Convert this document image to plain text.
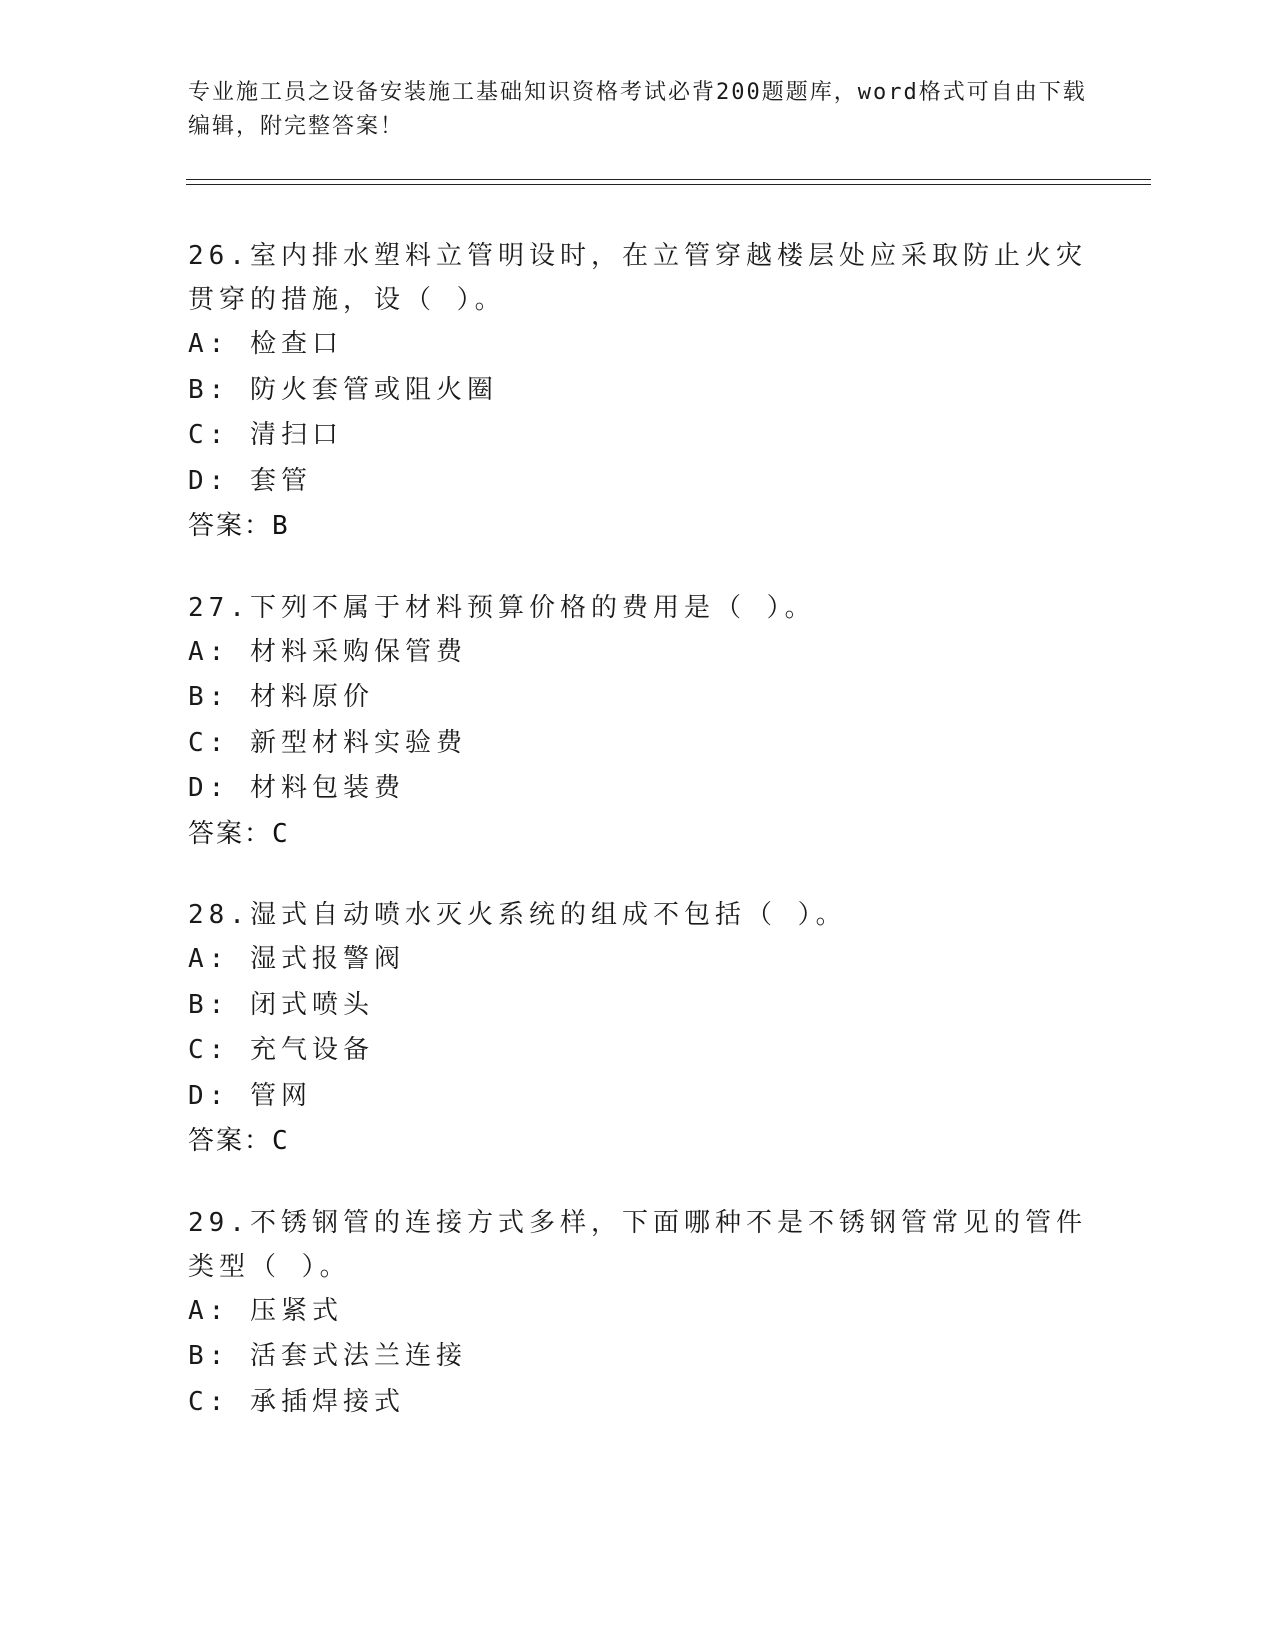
专业施工员之设备安装施工基础知识资格考试必背200题题库，word格式可自由下载编辑，附完整答案！
26.室内排水塑料立管明设时，在立管穿越楼层处应采取防止火灾贯穿的措施，设（ ）。
A: 检查口
B: 防火套管或阻火圈
C: 清扫口
D: 套管
答案：B
27.下列不属于材料预算价格的费用是（ ）。
A: 材料采购保管费
B: 材料原价
C: 新型材料实验费
D: 材料包装费
答案：C
28.湿式自动喷水灭火系统的组成不包括（ ）。
A: 湿式报警阀
B: 闭式喷头
C: 充气设备
D: 管网
答案：C
29.不锈钢管的连接方式多样，下面哪种不是不锈钢管常见的管件类型（ ）。
A: 压紧式
B: 活套式法兰连接
C: 承插焊接式
